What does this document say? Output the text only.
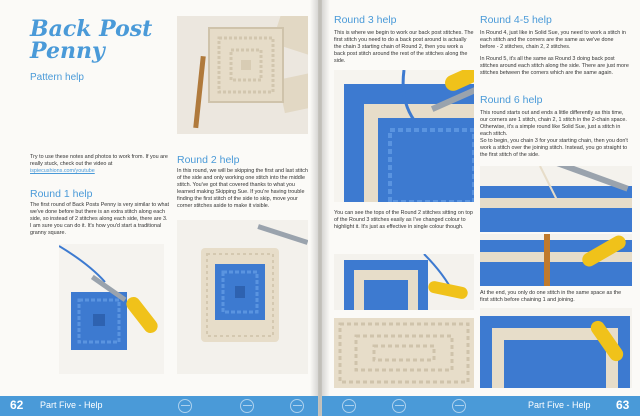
Back Post Penny
Pattern help
Try to use these notes and photos to work from. If you are really stuck, check out the video at ispiecushions.com/youtube
Round 1 help
The first round of Back Posts Penny is very similar to what we've done before but there is an extra stitch along each side, so instead of 2 stitches along each side, there are 3. I am sure you can do it. It's how you'd start a traditional granny square.
Round 2 help
In this round, we will be skipping the first and last stitch of the side and only working one stitch into the middle stitch. You've got that covered thanks to what you learned making Skipping Sue. If you're having trouble finding the first stitch of the side to skip, move your corner stitches aside to make it visible.
Round 3 help
This is where we begin to work our back post stitches. The first stitch you need to do a back post around is actually the chain 3 starting chain of Round 2, then you work a back post stitch around the rest of the stitches along the side.
You can see the tops of the Round 2 stitches sitting on top of the Round 3 stitches easily as I've changed colour to highlight it. It's just as effective in single colour though.
Round 4-5 help
In Round 4, just like in Solid Sue, you need to work a stitch in each stitch and the corners are the same as we've done before - 2 stitches, chain 2, 2 stitches.
In Round 5, it's all the same as Round 3 doing back post stitches around each stitch along the side. There are just more stitches between the corners which are the same again.
Round 6 help
This round starts out and ends a little differently as this time, our corners are 1 stitch, chain 2, 1 stitch in the 2-chain space. Otherwise, it's a simple round like Solid Sue, just a stitch in each stitch.
So to begin, you chain 3 for your starting chain, then you don't work a stitch over the joining stitch. Instead, you go straight to the first stitch of the side.
At the end, you only do one stitch in the same space as the first stitch before chaining 1 and joining.
62 Part Five - Help	Part Five - Help 63
